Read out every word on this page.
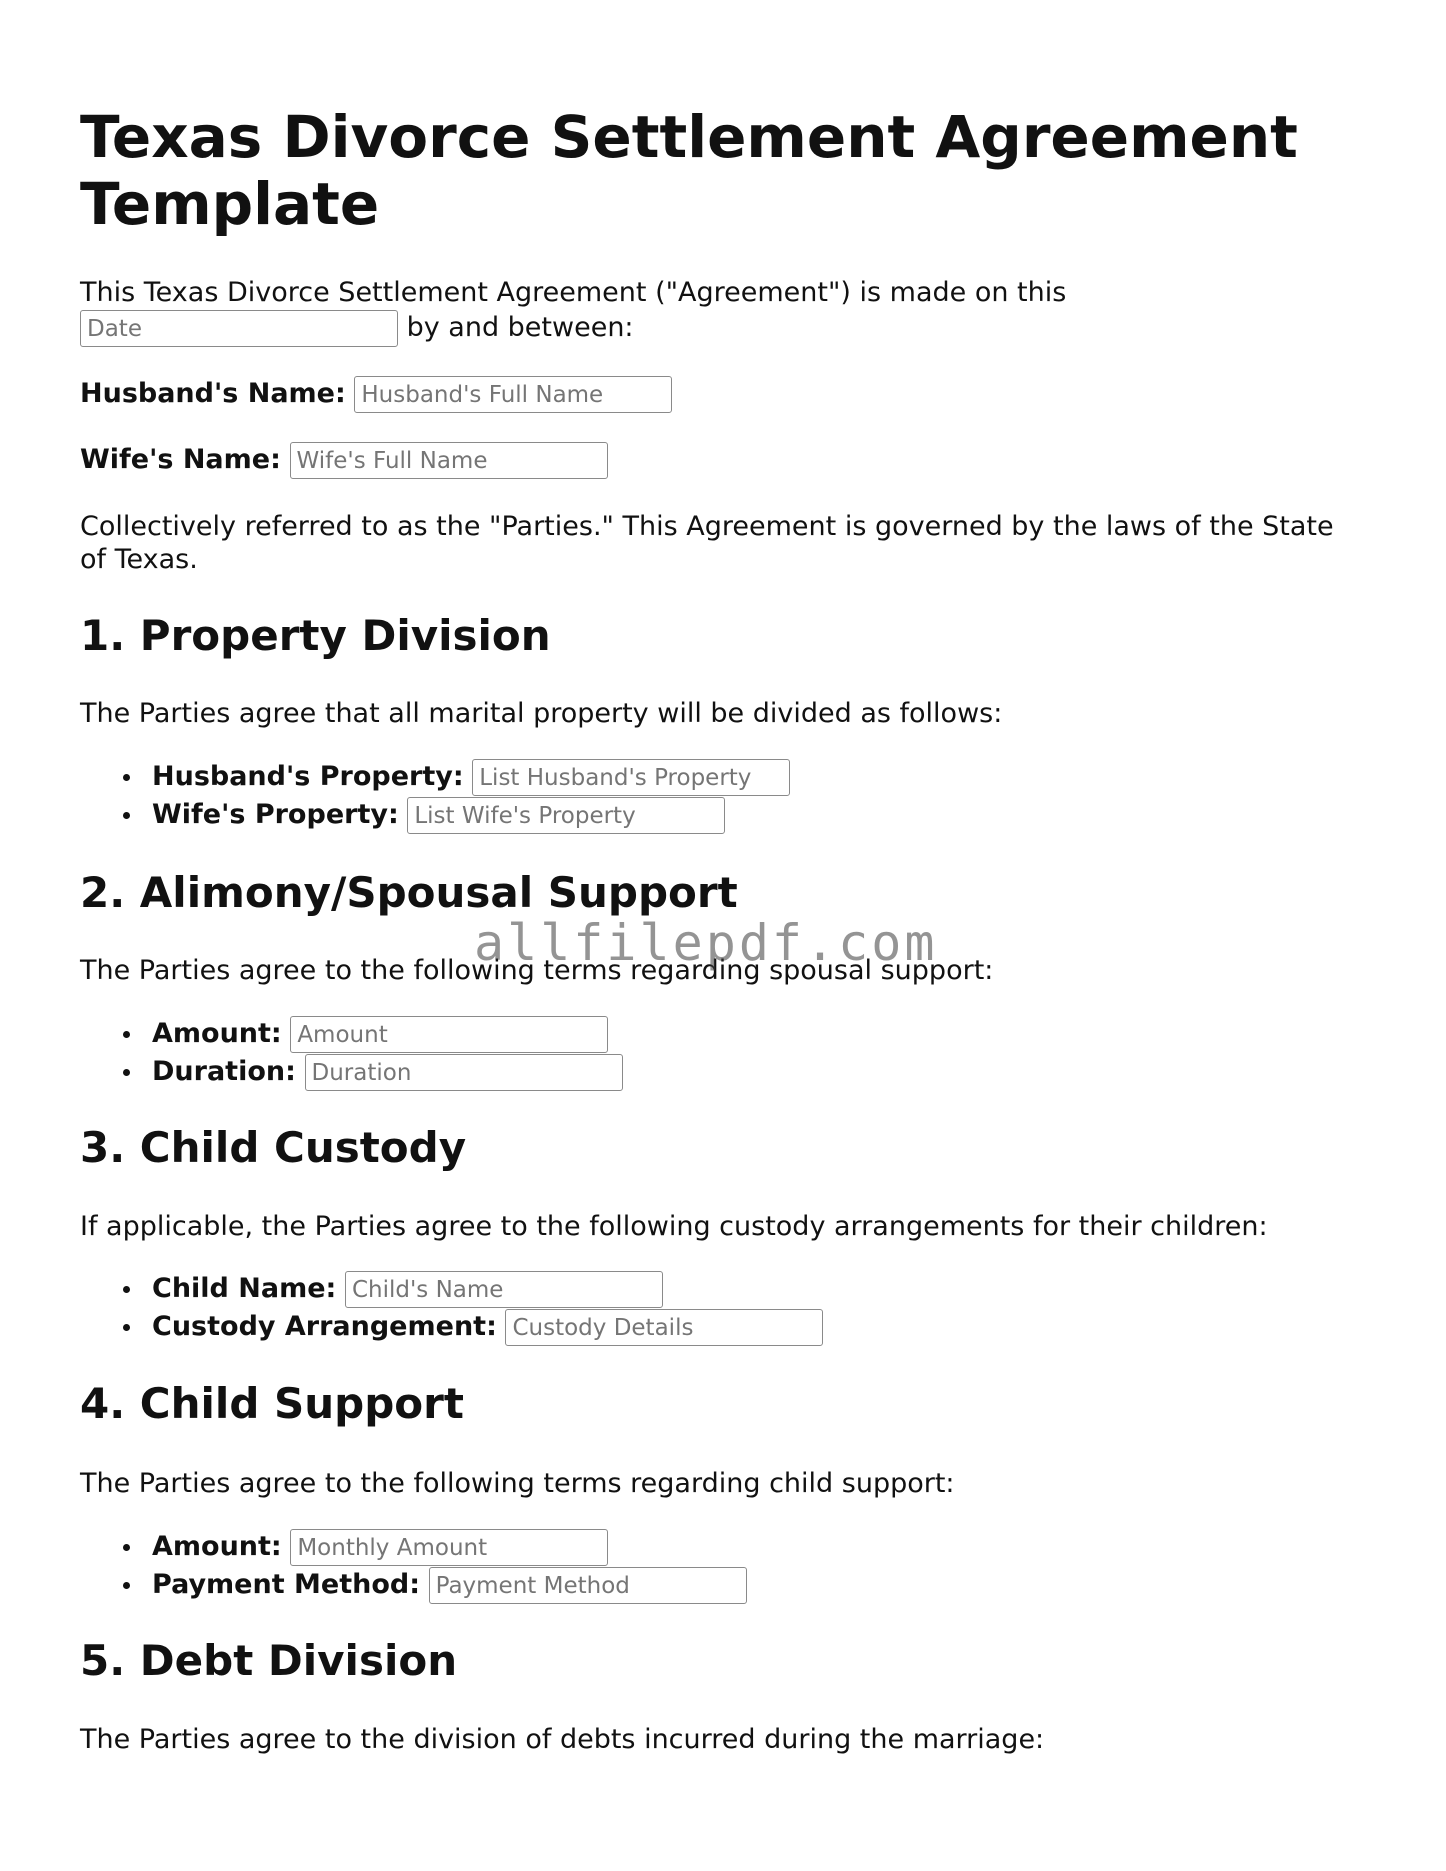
Texas Divorce Settlement Agreement Template

This Texas Divorce Settlement Agreement ("Agreement") is made on this
Date by and between:

Husband's Name: Husband's Full Name

Wife's Name: Wife's Full Name

Collectively referred to as the "Parties." This Agreement is governed by the laws of the State of Texas.

1. Property Division

The Parties agree that all marital property will be divided as follows:

Husband's Property: List Husband's Property
Wife's Property: List Wife's Property
2. Alimony/Spousal Support

The Parties agree to the following terms regarding spousal support:

Amount: Amount
Duration: Duration
3. Child Custody

If applicable, the Parties agree to the following custody arrangements for their children:

Child Name: Child's Name
Custody Arrangement: Custody Details
4. Child Support

The Parties agree to the following terms regarding child support:

Amount: Monthly Amount
Payment Method: Payment Method
5. Debt Division

The Parties agree to the division of debts incurred during the marriage:

allfilepdf.com
